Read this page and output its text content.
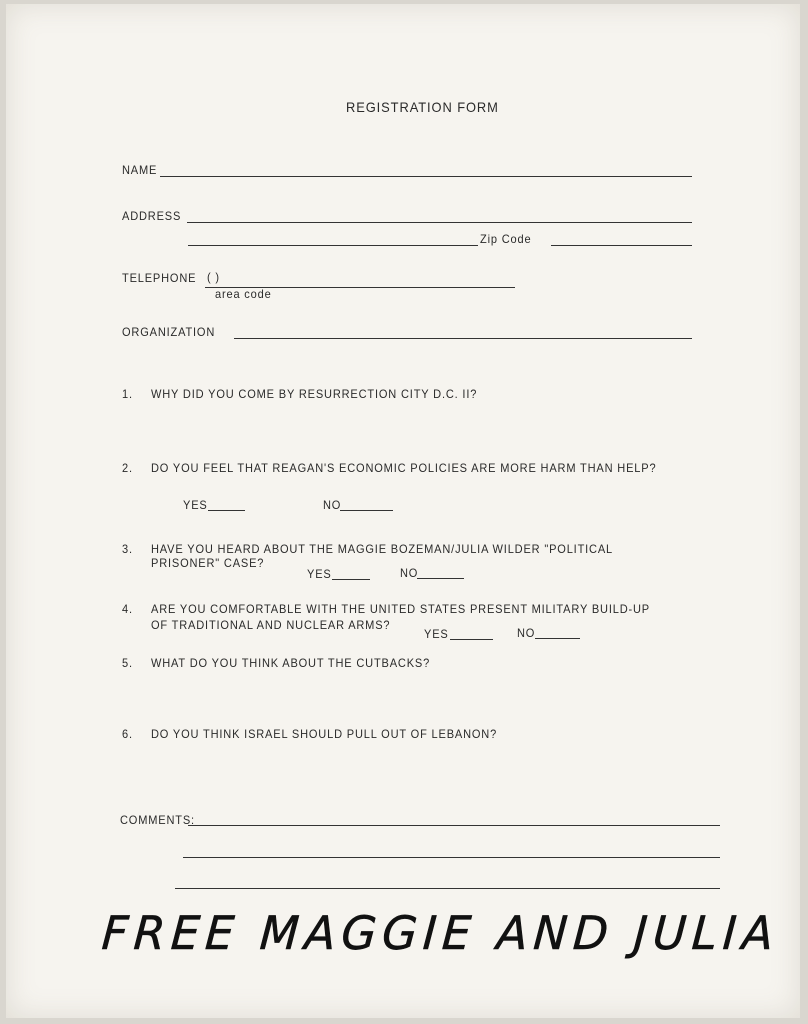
REGISTRATION FORM
NAME
ADDRESS
Zip Code
TELEPHONE ( )
area code
ORGANIZATION
1. WHY DID YOU COME BY RESURRECTION CITY D.C. II?
2. DO YOU FEEL THAT REAGAN'S ECONOMIC POLICIES ARE MORE HARM THAN HELP?
YES	NO
3. HAVE YOU HEARD ABOUT THE MAGGIE BOZEMAN/JULIA WILDER "POLITICAL
PRISONER" CASE?
YES	NO
4. ARE YOU COMFORTABLE WITH THE UNITED STATES PRESENT MILITARY BUILD-UP
OF TRADITIONAL AND NUCLEAR ARMS?
YES	NO
5. WHAT DO YOU THINK ABOUT THE CUTBACKS?
6. DO YOU THINK ISRAEL SHOULD PULL OUT OF LEBANON?
COMMENTS:
FREE MAGGIE AND JULIA
